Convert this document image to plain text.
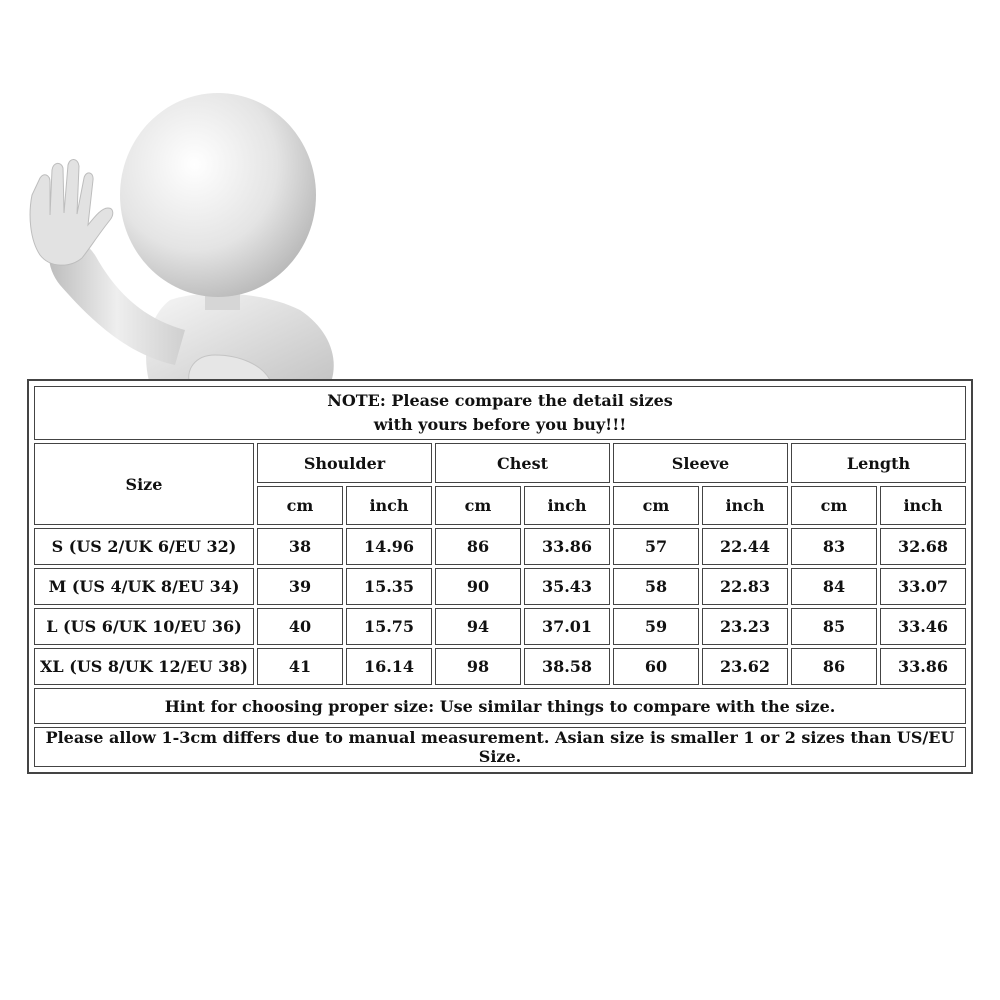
NOTE: Please compare the detail sizes
with yours before you buy!!!								

Size	Shoulder		Chest		Sleeve		Length	
	cm	inch	cm	inch	cm	inch	cm	inch
S (US 2/UK 6/EU 32)	38	14.96	86	33.86	57	22.44	83	32.68
M (US 4/UK 8/EU 34)	39	15.35	90	35.43	58	22.83	84	33.07
L (US 6/UK 10/EU 36)	40	15.75	94	37.01	59	23.23	85	33.46
XL (US 8/UK 12/EU 38)	41	16.14	98	38.58	60	23.62	86	33.86
Hint for choosing proper size: Use similar things to compare with the size.								
Please allow 1-3cm differs due to manual measurement. Asian size is smaller 1 or 2 sizes than US/EU Size.								
